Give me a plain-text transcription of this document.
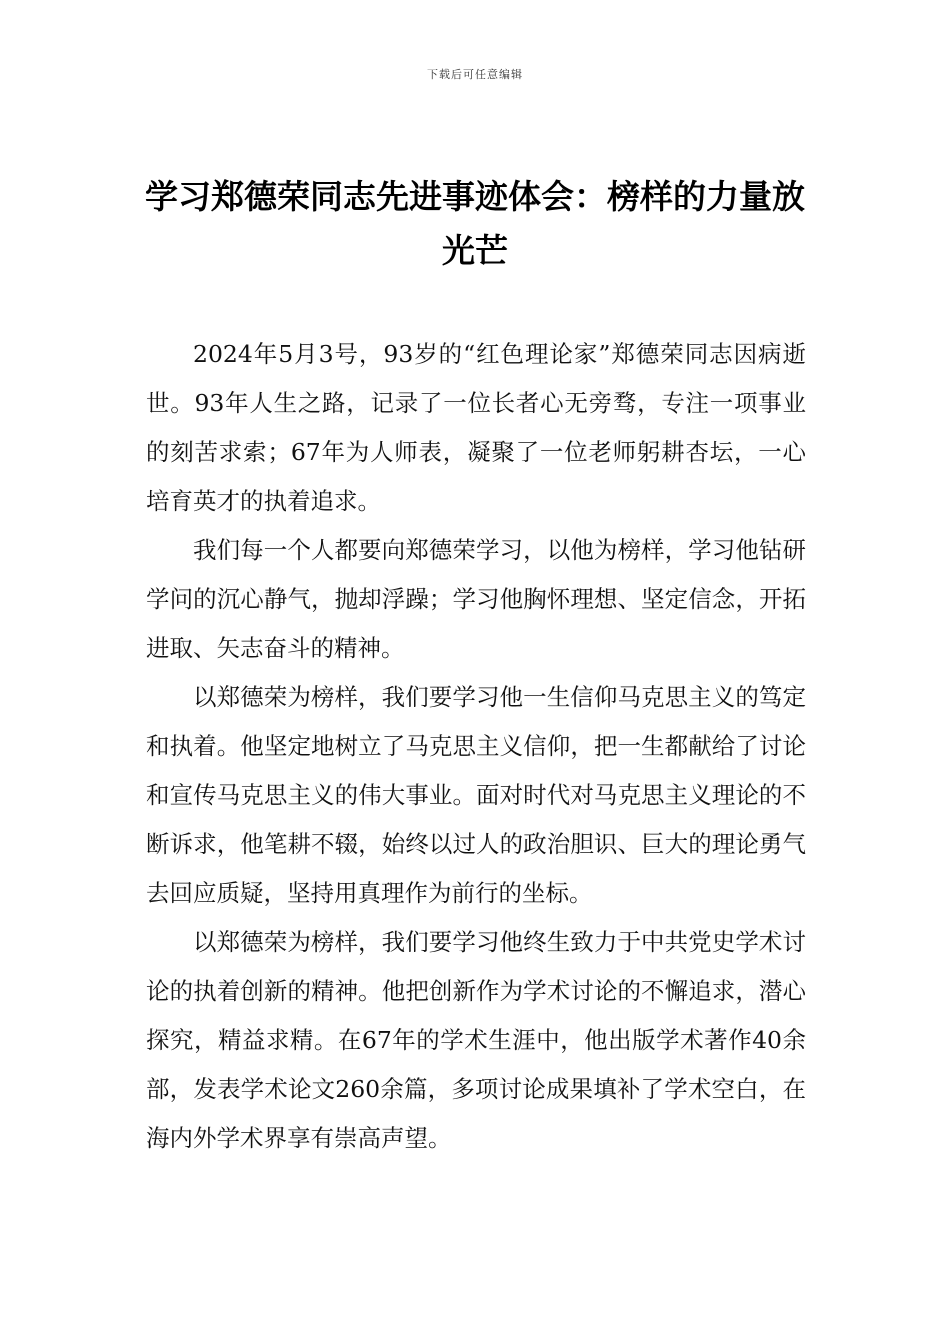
下载后可任意编辑
学习郑德荣同志先进事迹体会：榜样的力量放光芒

2024年5月3号，93岁的“红色理论家”郑德荣同志因病逝世。93年人生之路，记录了一位长者心无旁骛，专注一项事业的刻苦求索；67年为人师表，凝聚了一位老师躬耕杏坛，一心培育英才的执着追求。

我们每一个人都要向郑德荣学习，以他为榜样，学习他钻研学问的沉心静气，抛却浮躁；学习他胸怀理想、坚定信念，开拓进取、矢志奋斗的精神。

以郑德荣为榜样，我们要学习他一生信仰马克思主义的笃定和执着。他坚定地树立了马克思主义信仰，把一生都献给了讨论和宣传马克思主义的伟大事业。面对时代对马克思主义理论的不断诉求，他笔耕不辍，始终以过人的政治胆识、巨大的理论勇气去回应质疑，坚持用真理作为前行的坐标。

以郑德荣为榜样，我们要学习他终生致力于中共党史学术讨论的执着创新的精神。他把创新作为学术讨论的不懈追求，潜心探究，精益求精。在67年的学术生涯中，他出版学术著作40余部，发表学术论文260余篇，多项讨论成果填补了学术空白，在海内外学术界享有崇高声望。
